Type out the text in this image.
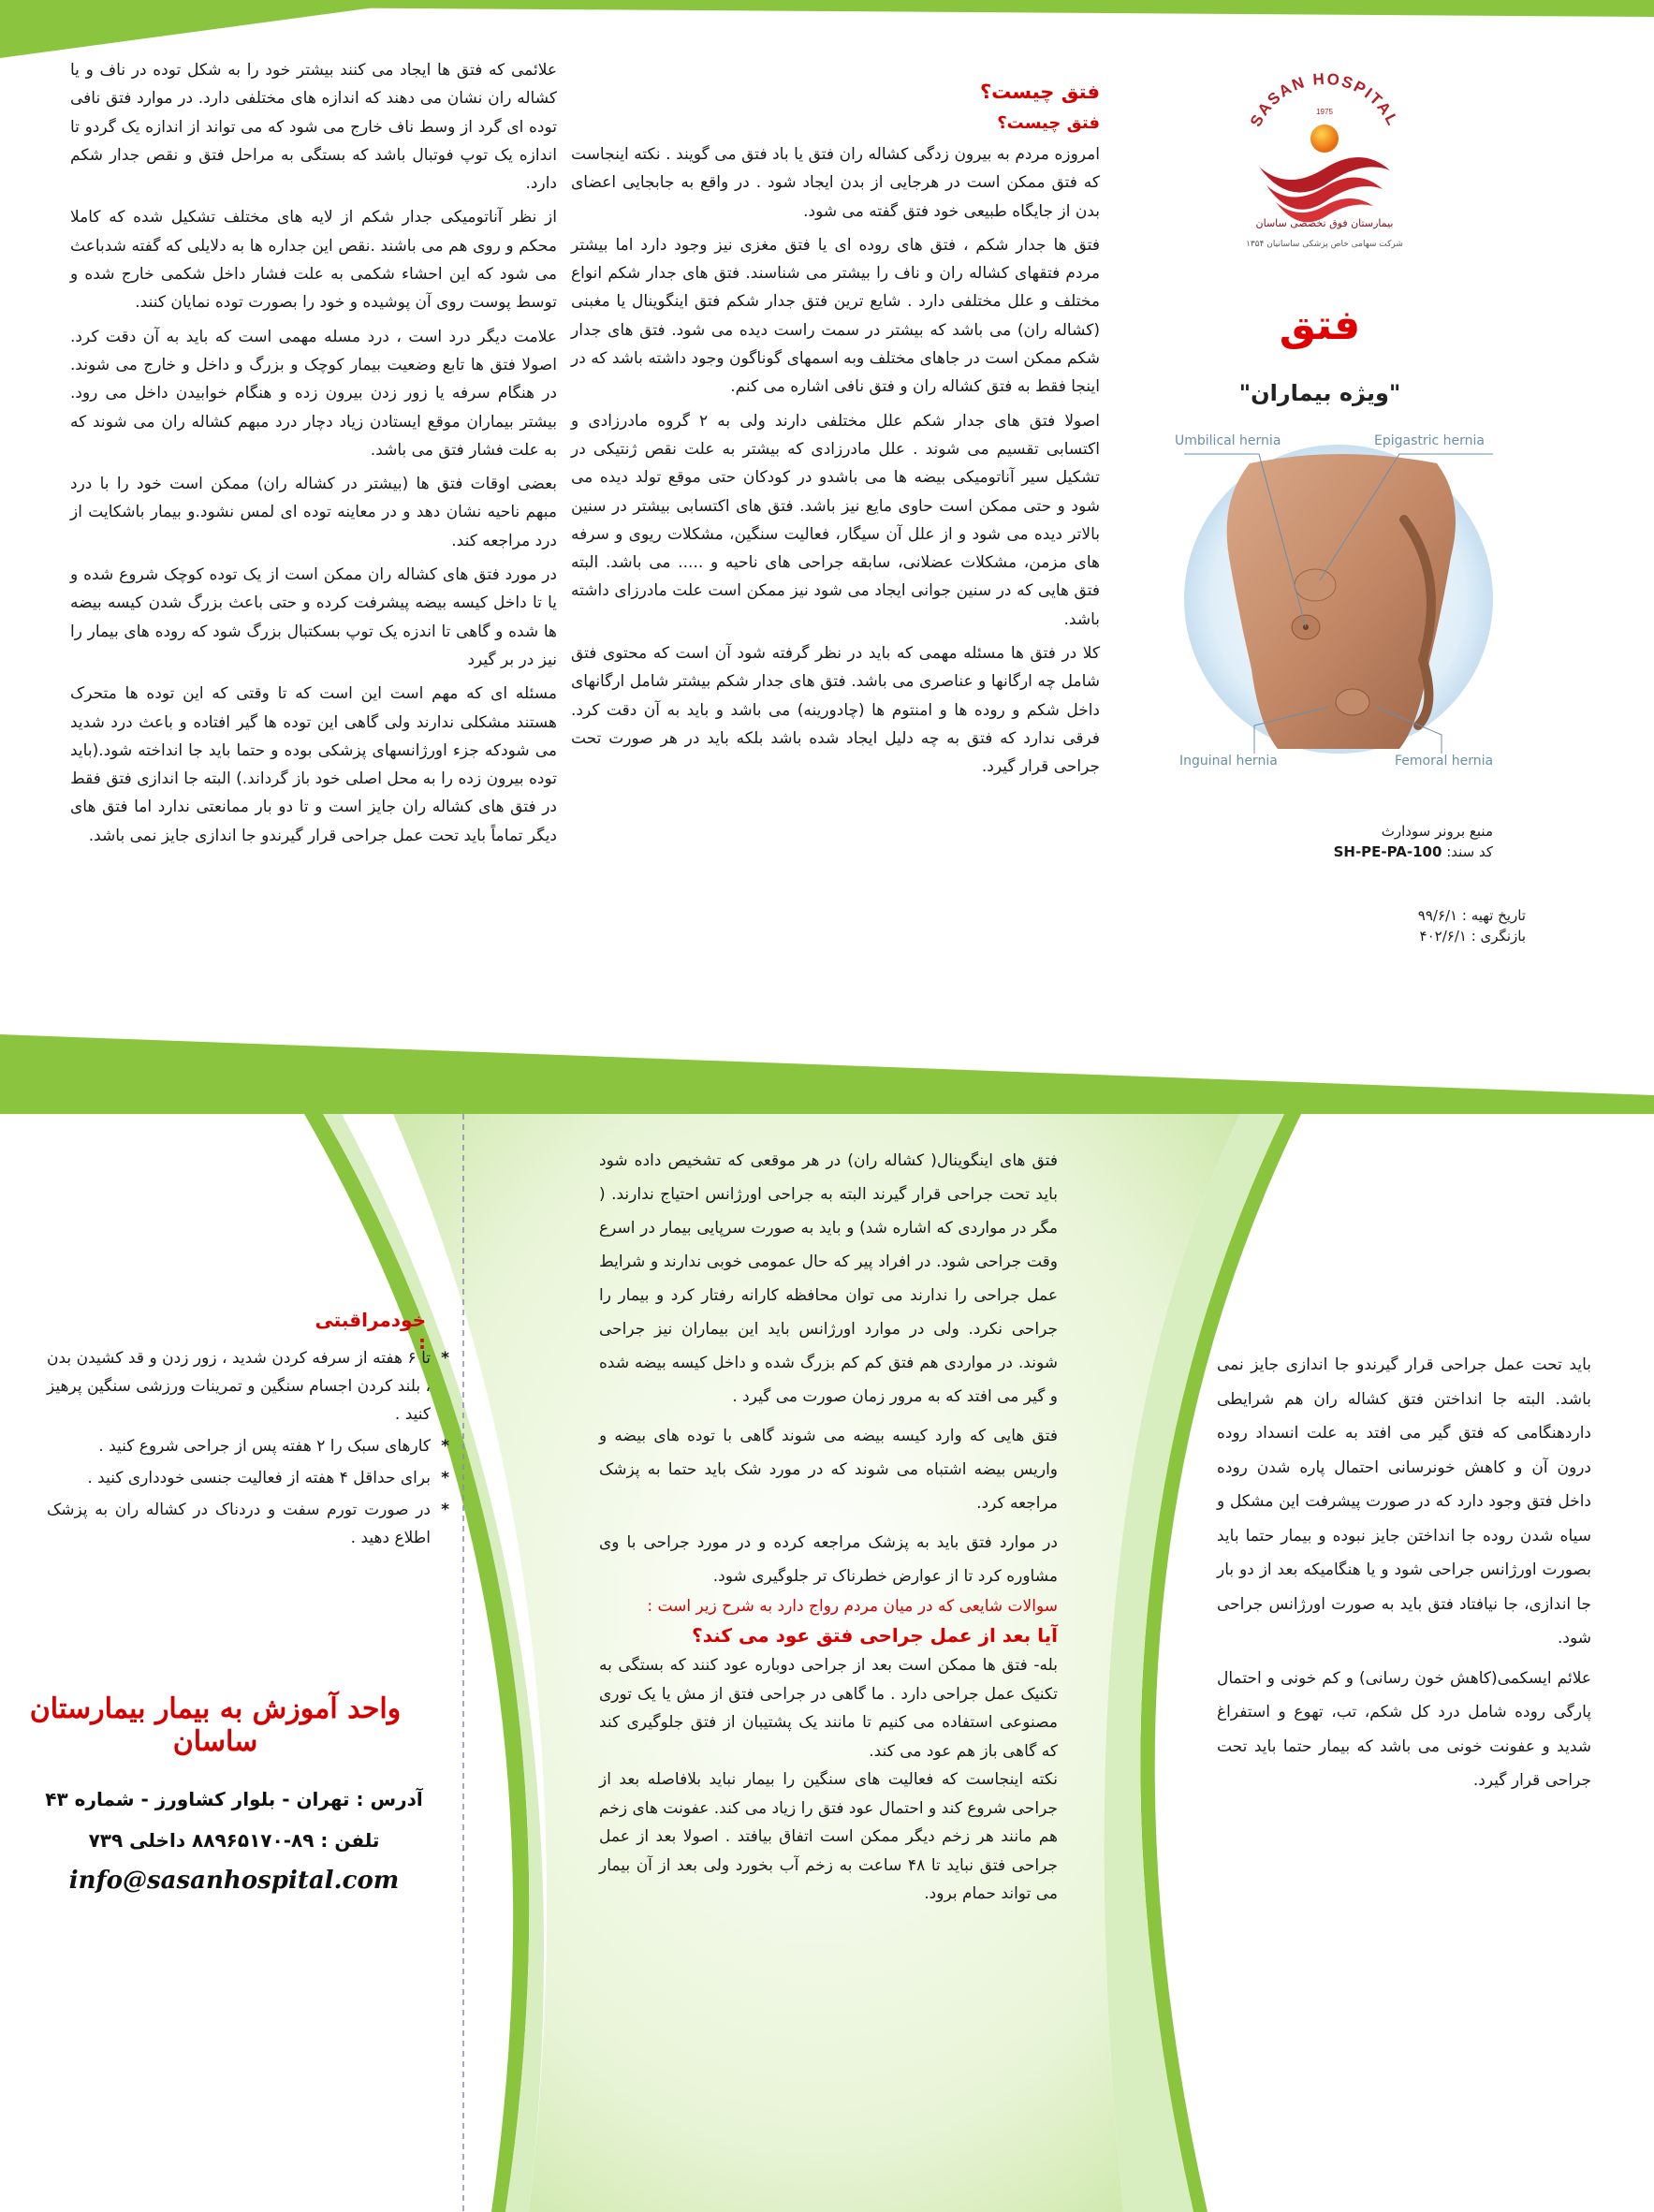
SASAN HOSPITAL
1975
بیمارستان فوق تخصصی ساسان
شرکت سهامی خاص پزشکی ساسانیان ۱۳۵۴
فتق
"ویژه بیماران"
Umbilical hernia	Epigastric hernia
Inguinal hernia	Femoral hernia
منبع برونر سودارث
کد سند: SH-PE-PA-100
تاریخ تهیه : ۹۹/۶/۱
بازنگری : ۴۰۲/۶/۱

فتق چیست؟

فتق چیست؟

امروزه مردم به بیرون زدگی کشاله ران فتق یا باد فتق می گویند . نکته اینجاست که فتق ممکن است در هرجایی از بدن ایجاد شود . در واقع به جابجایی اعضای بدن از جایگاه طبیعی خود فتق گفته می شود.

فتق ها جدار شکم ، فتق های روده ای یا فتق مغزی نیز وجود دارد اما بیشتر مردم فتقهای کشاله ران و ناف را بیشتر می شناسند. فتق های جدار شکم انواع مختلف و علل مختلفی دارد . شایع ترین فتق جدار شکم فتق اینگوینال یا مغبنی (کشاله ران) می باشد که بیشتر در سمت راست دیده می شود. فتق های جدار شکم ممکن است در جاهای مختلف وبه اسمهای گوناگون وجود داشته باشد که در اینجا فقط به فتق کشاله ران و فتق نافی اشاره می کنم.

اصولا فتق های جدار شکم علل مختلفی دارند ولی به ۲ گروه مادرزادی و اکتسابی تقسیم می شوند . علل مادرزادی که بیشتر به علت نقص ژنتیکی در تشکیل سیر آناتومیکی بیضه ها می باشدو در کودکان حتی موقع تولد دیده می شود و حتی ممکن است حاوی مایع نیز باشد. فتق های اکتسابی بیشتر در سنین بالاتر دیده می شود و از علل آن سیگار، فعالیت سنگین، مشکلات ریوی و سرفه های مزمن، مشکلات عضلانی، سابقه جراحی های ناحیه و ..... می باشد. البته فتق هایی که در سنین جوانی ایجاد می شود نیز ممکن است علت مادرزای داشته باشد.

کلا در فتق ها مسئله مهمی که باید در نظر گرفته شود آن است که محتوی فتق شامل چه ارگانها و عناصری می باشد. فتق های جدار شکم بیشتر شامل ارگانهای داخل شکم و روده ها و امنتوم ها (چادورینه) می باشد و باید به آن دقت کرد. فرقی ندارد که فتق به چه دلیل ایجاد شده باشد بلکه باید در هر صورت تحت جراحی قرار گیرد.

علائمی که فتق ها ایجاد می کنند بیشتر خود را به شکل توده در ناف و یا کشاله ران نشان می دهند که اندازه های مختلفی دارد. در موارد فتق نافی توده ای گرد از وسط ناف خارج می شود که می تواند از اندازه یک گردو تا اندازه یک توپ فوتبال باشد که بستگی به مراحل فتق و نقص جدار شکم دارد.

از نظر آناتومیکی جدار شکم از لایه های مختلف تشکیل شده که کاملا محکم و روی هم می باشند .نقص این جداره ها به دلایلی که گفته شدباعث می شود که این احشاء شکمی به علت فشار داخل شکمی خارج شده و توسط پوست روی آن پوشیده و خود را بصورت توده نمایان کنند.

علامت دیگر درد است ، درد مسله مهمی است که باید به آن دقت کرد. اصولا فتق ها تابع وضعیت بیمار کوچک و بزرگ و داخل و خارج می شوند. در هنگام سرفه یا زور زدن بیرون زده و هنگام خوابیدن داخل می رود. بیشتر بیماران موقع ایستادن زیاد دچار درد مبهم کشاله ران می شوند که به علت فشار فتق می باشد.

بعضی اوقات فتق ها (بیشتر در کشاله ران) ممکن است خود را با درد مبهم ناحیه نشان دهد و در معاینه توده ای لمس نشود.و بیمار باشکایت از درد مراجعه کند.

در مورد فتق های کشاله ران ممکن است از یک توده کوچک شروع شده و یا تا داخل کیسه بیضه پیشرفت کرده و حتی باعث بزرگ شدن کیسه بیضه ها شده و گاهی تا اندزه یک توپ بسکتبال بزرگ شود که روده های بیمار را نیز در بر گیرد

مسئله ای که مهم است این است که تا وقتی که این توده ها متحرک هستند مشکلی ندارند ولی گاهی این توده ها گیر افتاده و باعث درد شدید می شودکه جزء اورژانسهای پزشکی بوده و حتما باید جا انداخته شود.(باید توده بیرون زده را به محل اصلی خود باز گرداند.) البته جا اندازی فتق فقط در فتق های کشاله ران جایز است و تا دو بار ممانعتی ندارد اما فتق های دیگر تماماً باید تحت عمل جراحی قرار گیرندو جا اندازی جایز نمی باشد.

باید تحت عمل جراحی قرار گیرندو جا اندازی جایز نمی باشد. البته جا انداختن فتق کشاله ران هم شرایطی داردهنگامی که فتق گیر می افتد به علت انسداد روده درون آن و کاهش خونرسانی احتمال پاره شدن روده داخل فتق وجود دارد که در صورت پیشرفت این مشکل و سیاه شدن روده جا انداختن جایز نبوده و بیمار حتما باید بصورت اورژانس جراحی شود و یا هنگامیکه بعد از دو بار جا اندازی، جا نیافتاد فتق باید به صورت اورژانس جراحی شود.

علائم ایسکمی(کاهش خون رسانی) و کم خونی و احتمال پارگی روده شامل درد کل شکم، تب، تهوع و استفراغ شدید و عفونت خونی می باشد که بیمار حتما باید تحت جراحی قرار گیرد.

فتق های اینگوینال( کشاله ران) در هر موقعی که تشخیص داده شود باید تحت جراحی قرار گیرند البته به جراحی اورژانس احتیاج ندارند. ( مگر در مواردی که اشاره شد) و باید به صورت سرپایی بیمار در اسرع وقت جراحی شود. در افراد پیر که حال عمومی خوبی ندارند و شرایط عمل جراحی را ندارند می توان محافظه کارانه رفتار کرد و بیمار را جراحی نکرد. ولی در موارد اورژانس باید این بیماران نیز جراحی شوند. در مواردی هم فتق کم کم بزرگ شده و داخل کیسه بیضه شده و گیر می افتد که به مرور زمان صورت می گیرد .

فتق هایی که وارد کیسه بیضه می شوند گاهی با توده های بیضه و واریس بیضه اشتباه می شوند که در مورد شک باید حتما به پزشک مراجعه کرد.

در موارد فتق باید به پزشک مراجعه کرده و در مورد جراحی با وی مشاوره کرد تا از عوارض خطرناک تر جلوگیری شود.

سوالات شایعی که در میان مردم رواج دارد به شرح زیر است :

آیا بعد از عمل جراحی فتق عود می کند؟

بله- فتق ها ممکن است بعد از جراحی دوباره عود کنند که بستگی به تکنیک عمل جراحی دارد . ما گاهی در جراحی فتق از مش یا یک توری مصنوعی استفاده می کنیم تا مانند یک پشتیبان از فتق جلوگیری کند که گاهی باز هم عود می کند.

نکته اینجاست که فعالیت های سنگین را بیمار نباید بلافاصله بعد از جراحی شروع کند و احتمال عود فتق را زیاد می کند. عفونت های زخم هم مانند هر زخم دیگر ممکن است اتفاق بیافتد . اصولا بعد از عمل جراحی فتق نباید تا ۴۸ ساعت به زخم آب بخورد ولی بعد از آن بیمار می تواند حمام برود.

خودمراقبتی :
* تا ۶ هفته از سرفه کردن شدید ، زور زدن و قد کشیدن بدن ، بلند کردن اجسام سنگین و تمرینات ورزشی سنگین پرهیز کنید .
* کارهای سبک را ۲ هفته پس از جراحی شروع کنید .
* برای حداقل ۴ هفته از فعالیت جنسی خودداری کنید .
* در صورت تورم سفت و دردناک در کشاله ران به پزشک اطلاع دهید .
واحد آموزش به بیمار بیمارستان ساسان
آدرس : تهران - بلوار کشاورز - شماره ۴۳
تلفن : ۸۹-۸۸۹۶۵۱۷۰ داخلی ۷۳۹
info@sasanhospital.com
